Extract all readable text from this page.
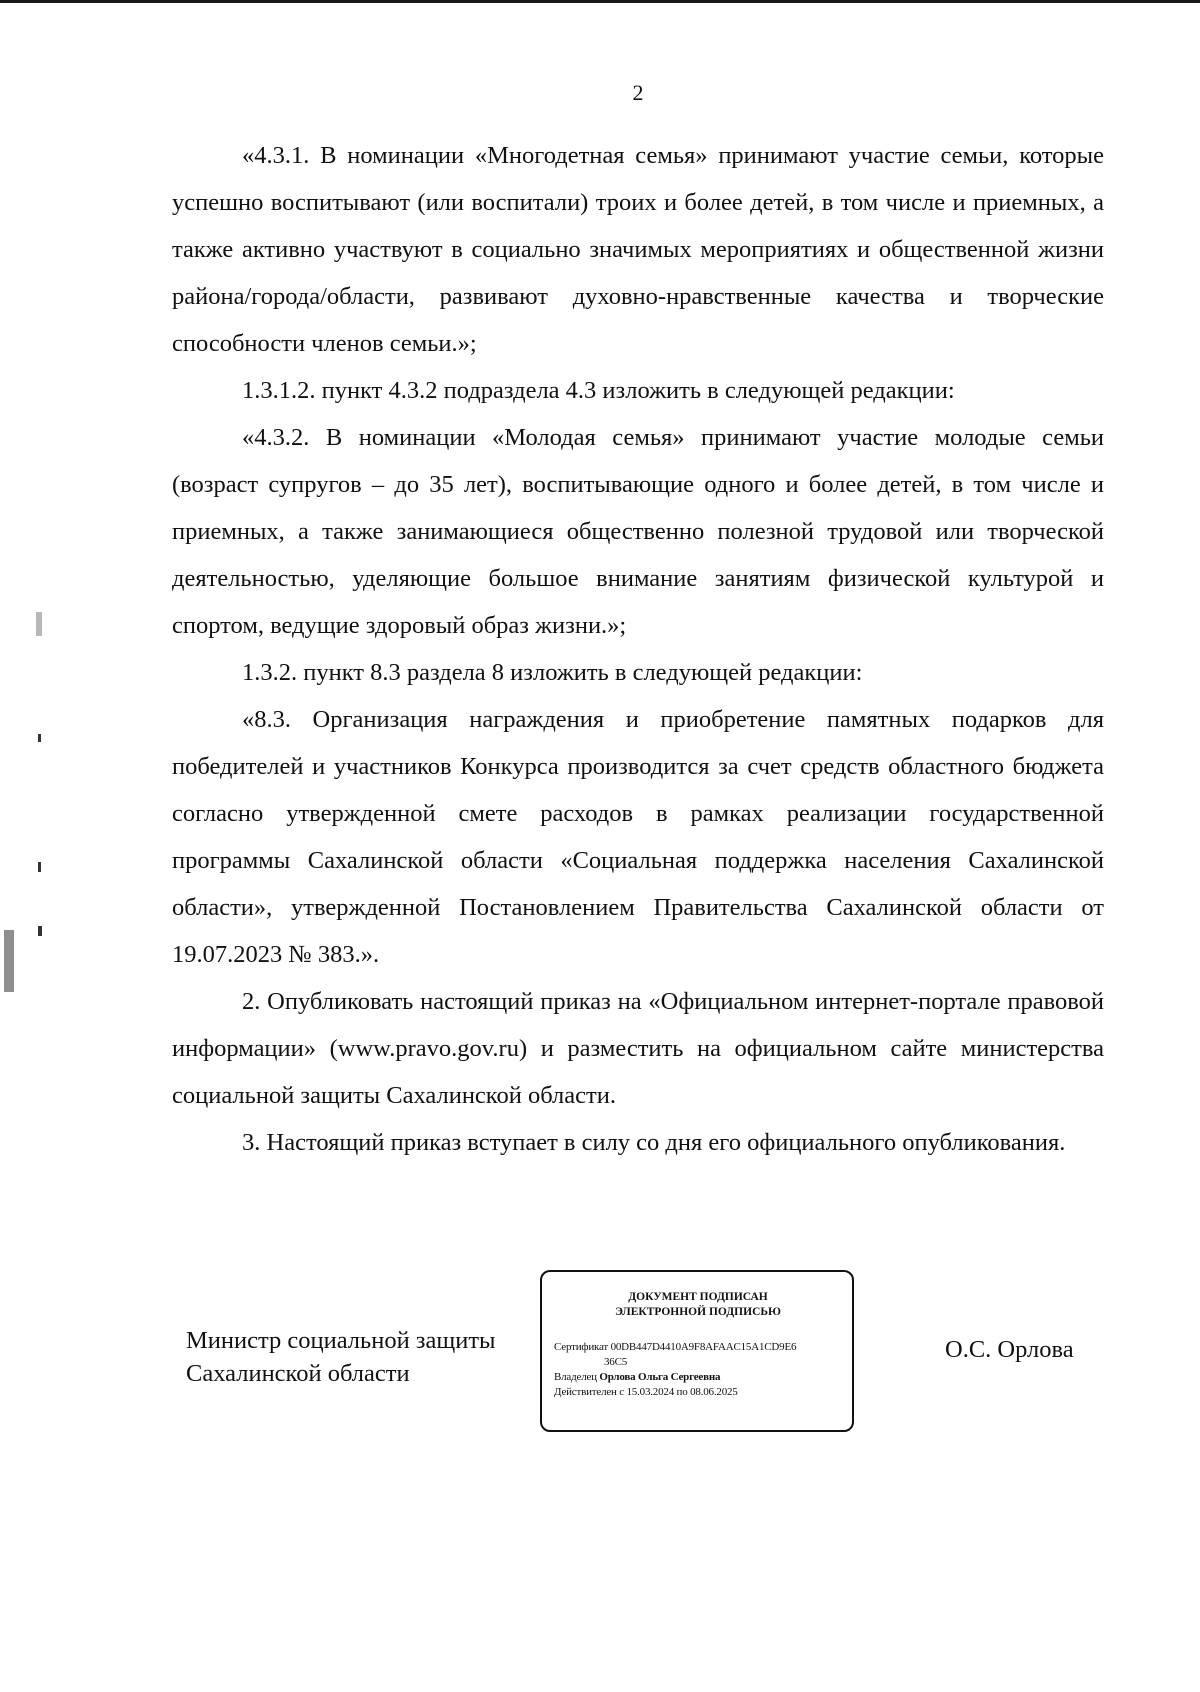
2

«4.3.1. В номинации «Многодетная семья» принимают участие семьи, которые успешно воспитывают (или воспитали) троих и более детей, в том числе и приемных, а также активно участвуют в социально значимых мероприятиях и общественной жизни района/города/области, развивают духовно-нравственные качества и творческие способности членов семьи.»;

1.3.1.2. пункт 4.3.2 подраздела 4.3 изложить в следующей редакции:

«4.3.2. В номинации «Молодая семья» принимают участие молодые семьи (возраст супругов – до 35 лет), воспитывающие одного и более детей, в том числе и приемных, а также занимающиеся общественно полезной трудовой или творческой деятельностью, уделяющие большое внимание занятиям физической культурой и спортом, ведущие здоровый образ жизни.»;

1.3.2. пункт 8.3 раздела 8 изложить в следующей редакции:

«8.3. Организация награждения и приобретение памятных подарков для победителей и участников Конкурса производится за счет средств областного бюджета согласно утвержденной смете расходов в рамках реализации государственной программы Сахалинской области «Социальная поддержка населения Сахалинской области», утвержденной Постановлением Правительства Сахалинской области от 19.07.2023 № 383.».

2. Опубликовать настоящий приказ на «Официальном интернет-портале правовой информации» (www.pravo.gov.ru) и разместить на официальном сайте министерства социальной защиты Сахалинской области.

3. Настоящий приказ вступает в силу со дня его официального опубликования.

Министр социальной защиты
Сахалинской области
ДОКУМЕНТ ПОДПИСАН
ЭЛЕКТРОННОЙ ПОДПИСЬЮ
Сертификат 00DB447D4410A9F8AFAAC15A1CD9E6
36C5
Владелец Орлова Ольга Сергеевна
Действителен с 15.03.2024 по 08.06.2025
О.С. Орлова
